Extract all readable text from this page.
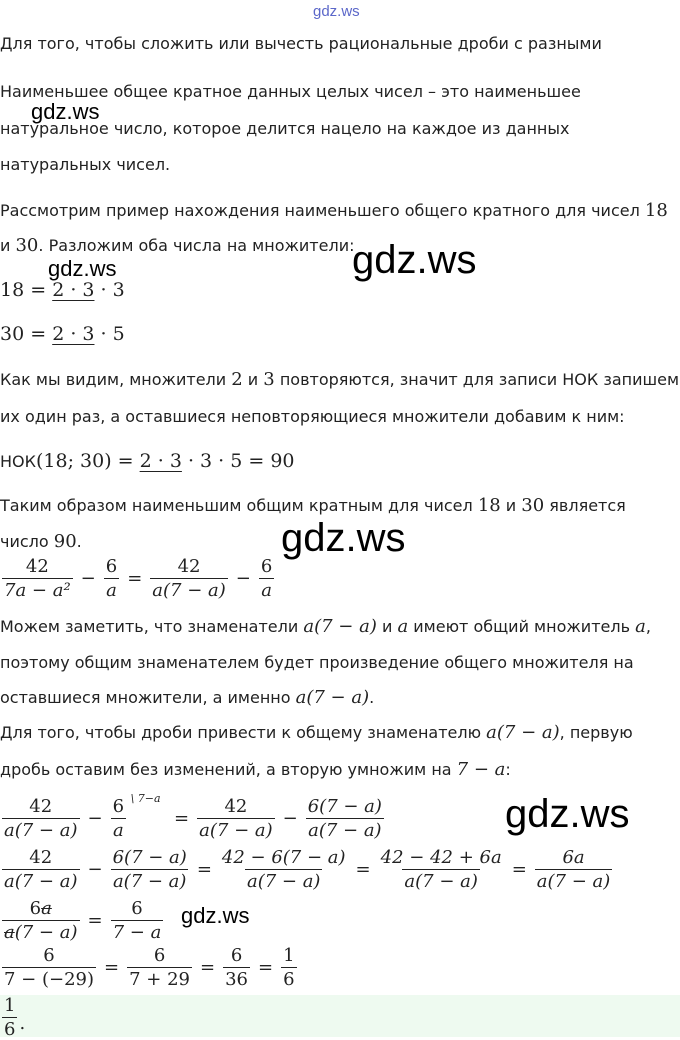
gdz.ws
Для того, чтобы сложить или вычесть рациональные дроби с разными
Наименьшее общее кратное данных целых чисел – это наименьшее
натуральное число, которое делится нацело на каждое из данных
натуральных чисел.
gdz.ws
Рассмотрим пример нахождения наименьшего общего кратного для чисел 18
и 30. Разложим оба числа на множители:
gdz.ws
gdz.ws
18 = 2 · 3 · 3
30 = 2 · 3 · 5
Как мы видим, множители 2 и 3 повторяются, значит для записи НОК запишем
их один раз, а оставшиеся неповторяющиеся множители добавим к ним:
НОК(18; 30) = 2 · 3 · 3 · 5 = 90
Таким образом наименьшим общим кратным для чисел 18 и 30 является
число 90.	gdz.ws
$\frac{42}{\text{7a − a²}} - \frac{6}{a} = \frac{42}{a(7 - a)} - \frac{6}{a}$
Можем заметить, что знаменатели a(7 − a) и a имеют общий множитель a,
поэтому общим знаменателем будет произведение общего множителя на
оставшиеся множители, а именно a(7 − a).
Для того, чтобы дроби привести к общему знаменателю a(7 − a), первую
дробь оставим без изменений, а вторую умножим на 7 − a:
$\frac{42}{a(7 - a)}$ −
6
a
\ 7−a
= $\frac{42}{a(7 - a)} - \frac{6(7 - a)}{a(7 - a)}$	gdz.ws
$\frac{42}{a(7 - a)} - \frac{6(7 - a)}{a(7 - a)} = \frac{42 - 6(7 - a)}{a(7 - a)} = \frac{42 - 42 + 6a}{a(7 - a)} = \frac{6a}{a(7 - a)}$
$\frac{6a}{a(7 - a)} = \frac{6}{7 - a} gdz.ws$
$\frac{6}{7 - (-29)} = \frac{6}{7 + 29} = \frac{6}{36} = \frac{1}{6}$
$\frac{1}{6}$ .
